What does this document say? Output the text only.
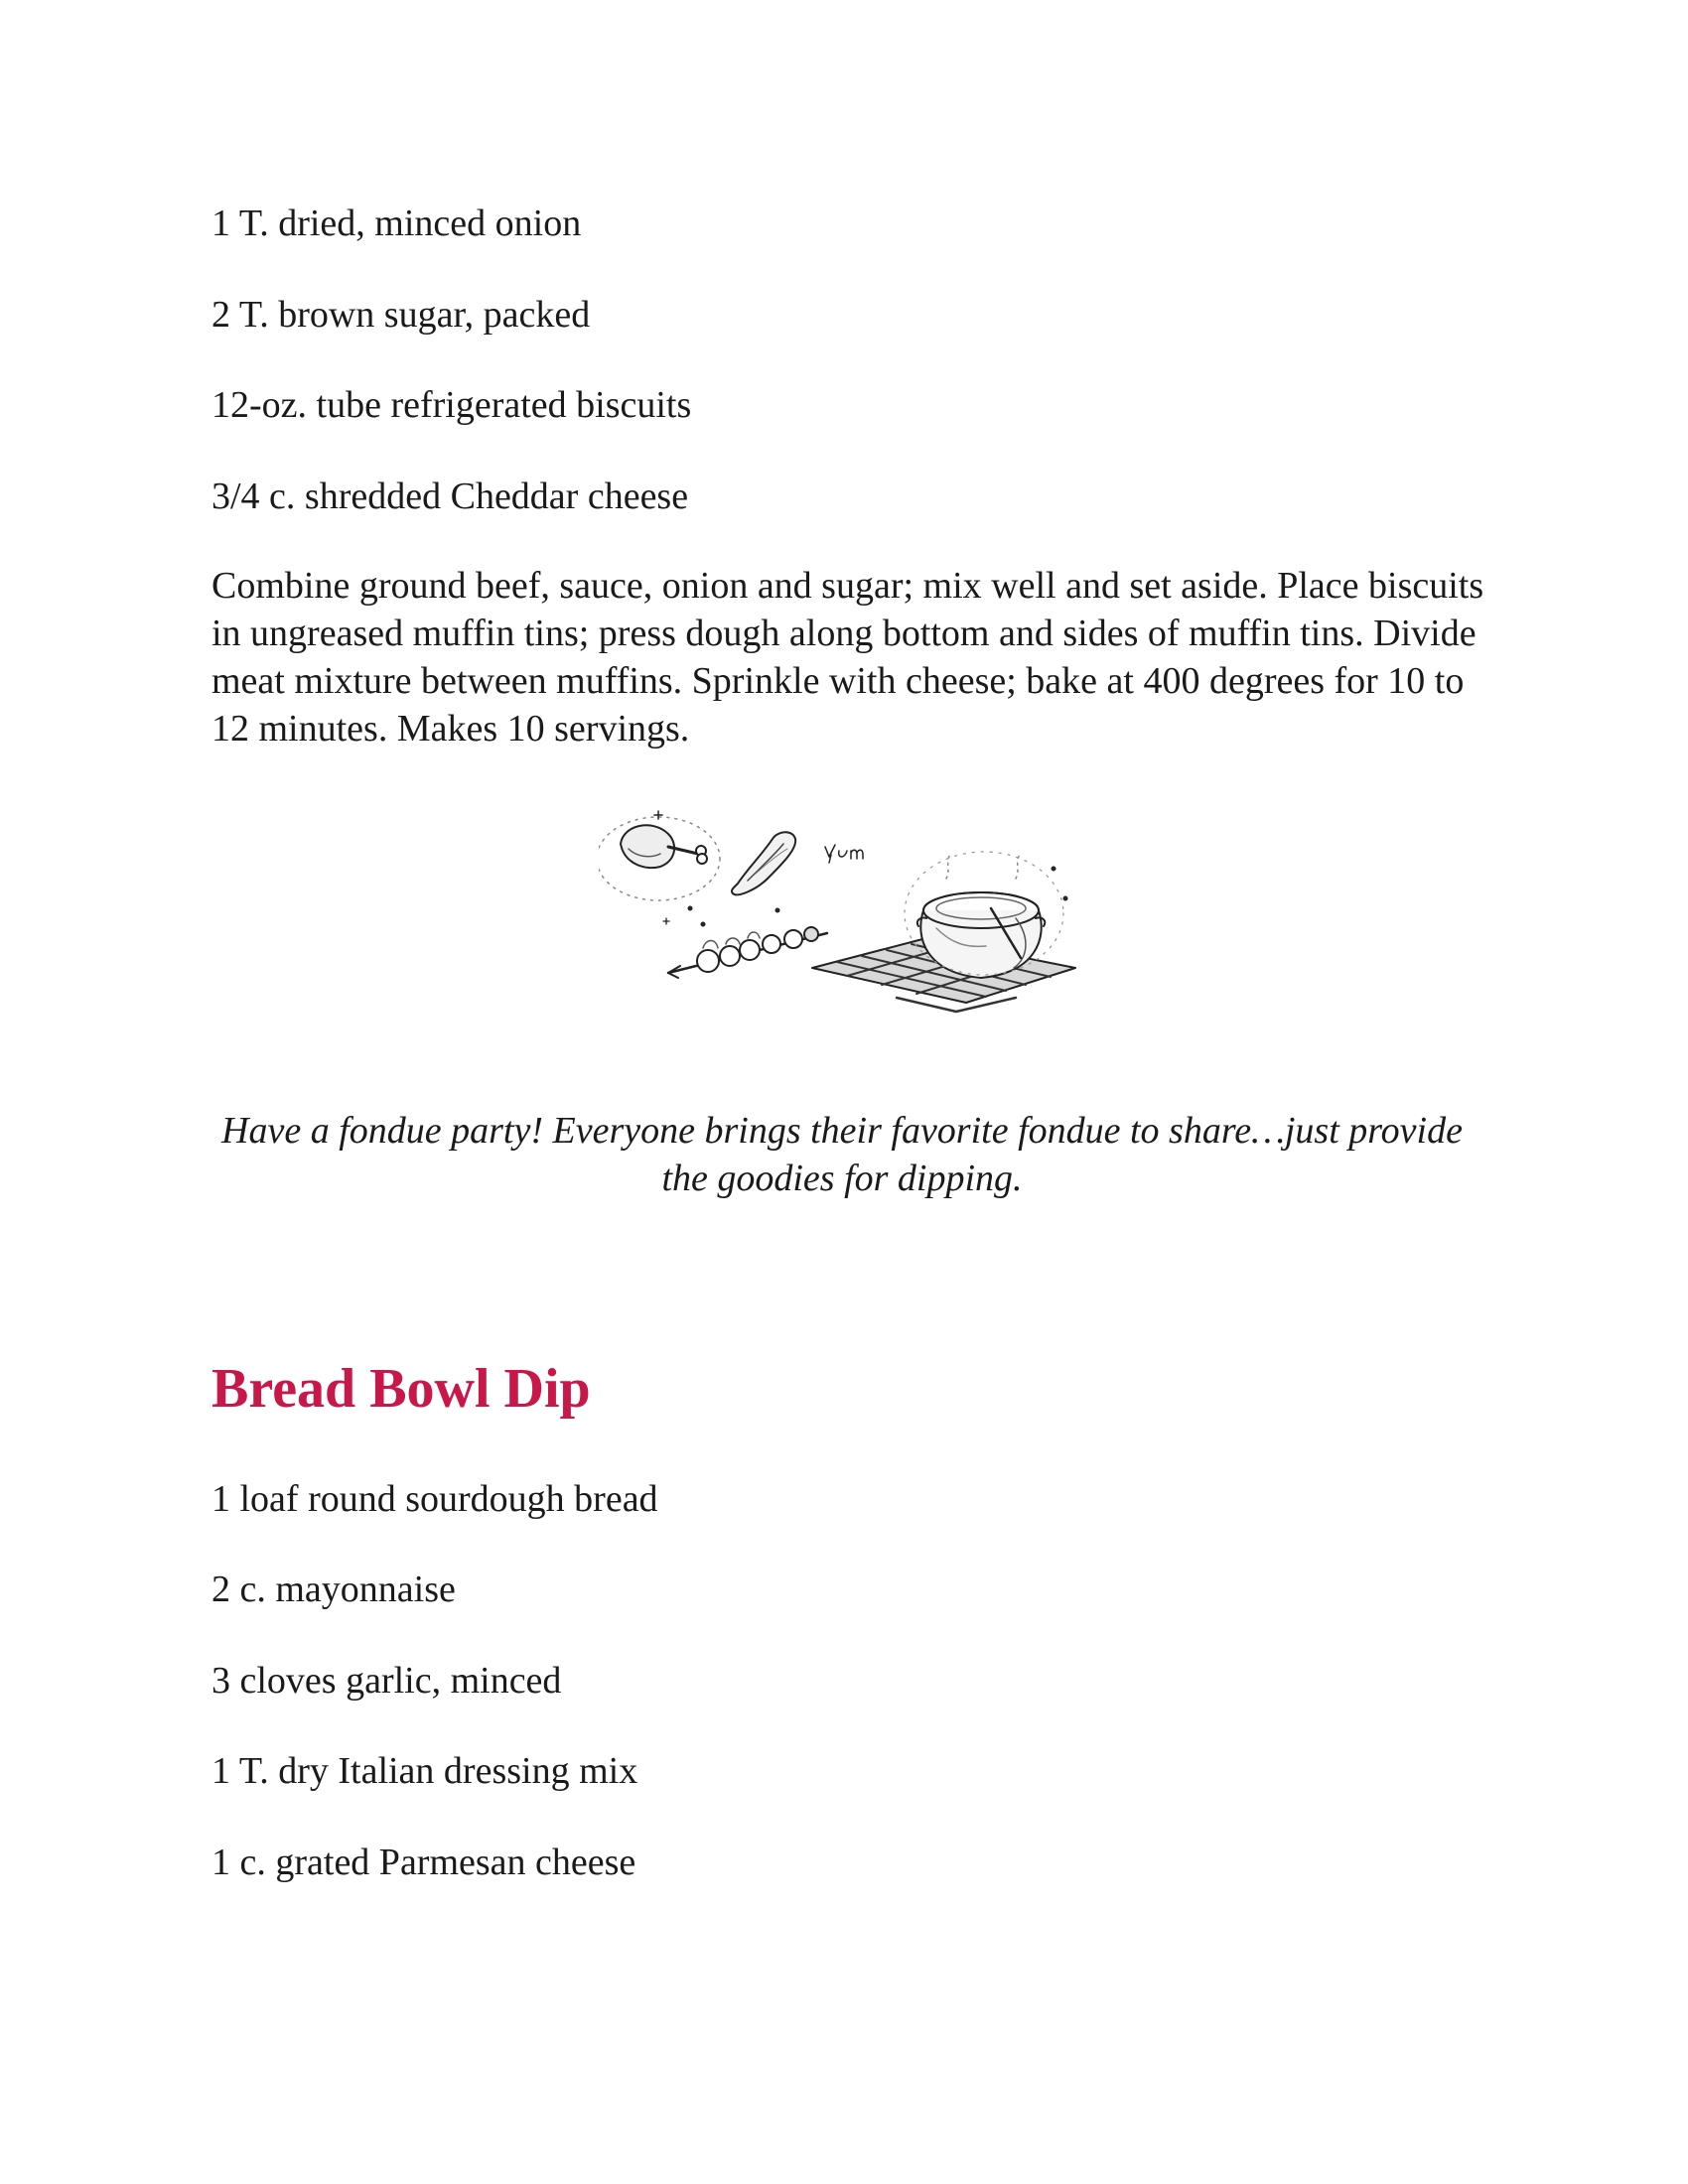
1 T. dried, minced onion

2 T. brown sugar, packed

12-oz. tube refrigerated biscuits

3/4 c. shredded Cheddar cheese

Combine ground beef, sauce, onion and sugar; mix well and set aside. Place biscuits in ungreased muffin tins; press dough along bottom and sides of muffin tins. Divide meat mixture between muffins. Sprinkle with cheese; bake at 400 degrees for 10 to 12 minutes. Makes 10 servings.

Have a fondue party! Everyone brings their favorite fondue to share…just provide the goodies for dipping.

Bread Bowl Dip

1 loaf round sourdough bread

2 c. mayonnaise

3 cloves garlic, minced

1 T. dry Italian dressing mix

1 c. grated Parmesan cheese
